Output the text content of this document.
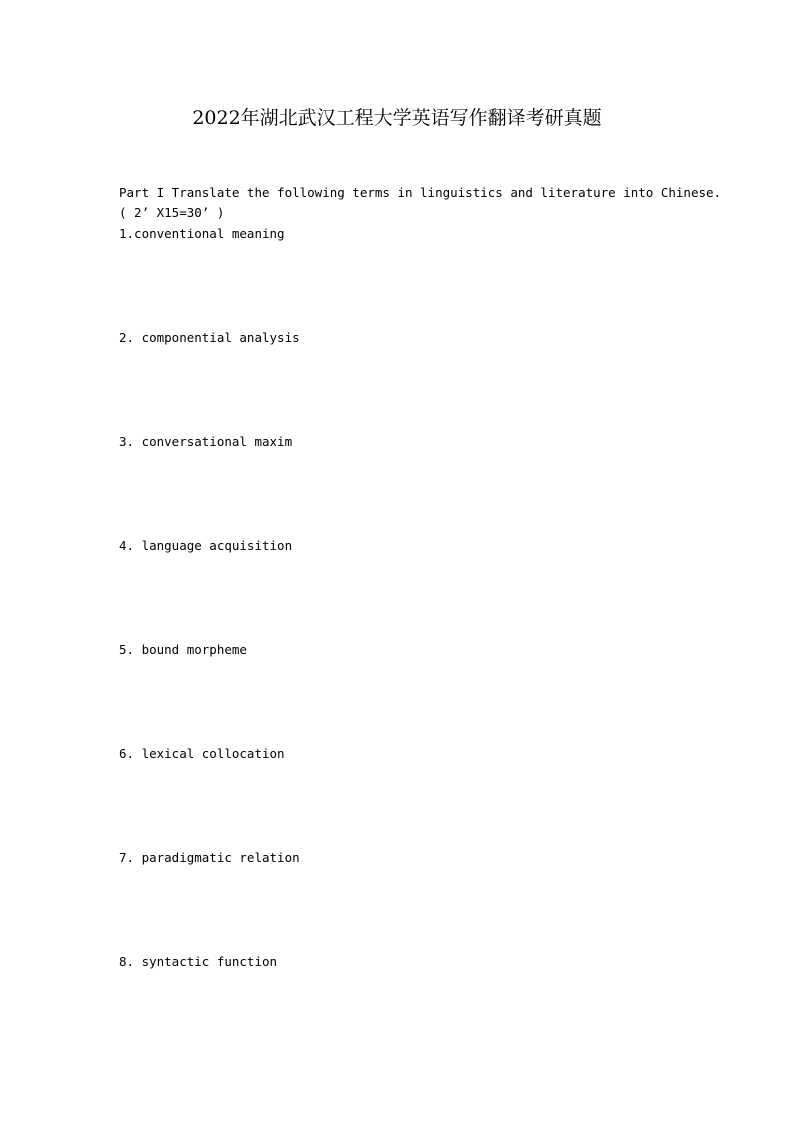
2022年湖北武汉工程大学英语写作翻译考研真题
Part I Translate the following terms in linguistics and literature into Chinese.
( 2’ X15=30’ )
1.conventional meaning
2. componential analysis
3. conversational maxim
4. language acquisition
5. bound morpheme
6. lexical collocation
7. paradigmatic relation
8. syntactic function
